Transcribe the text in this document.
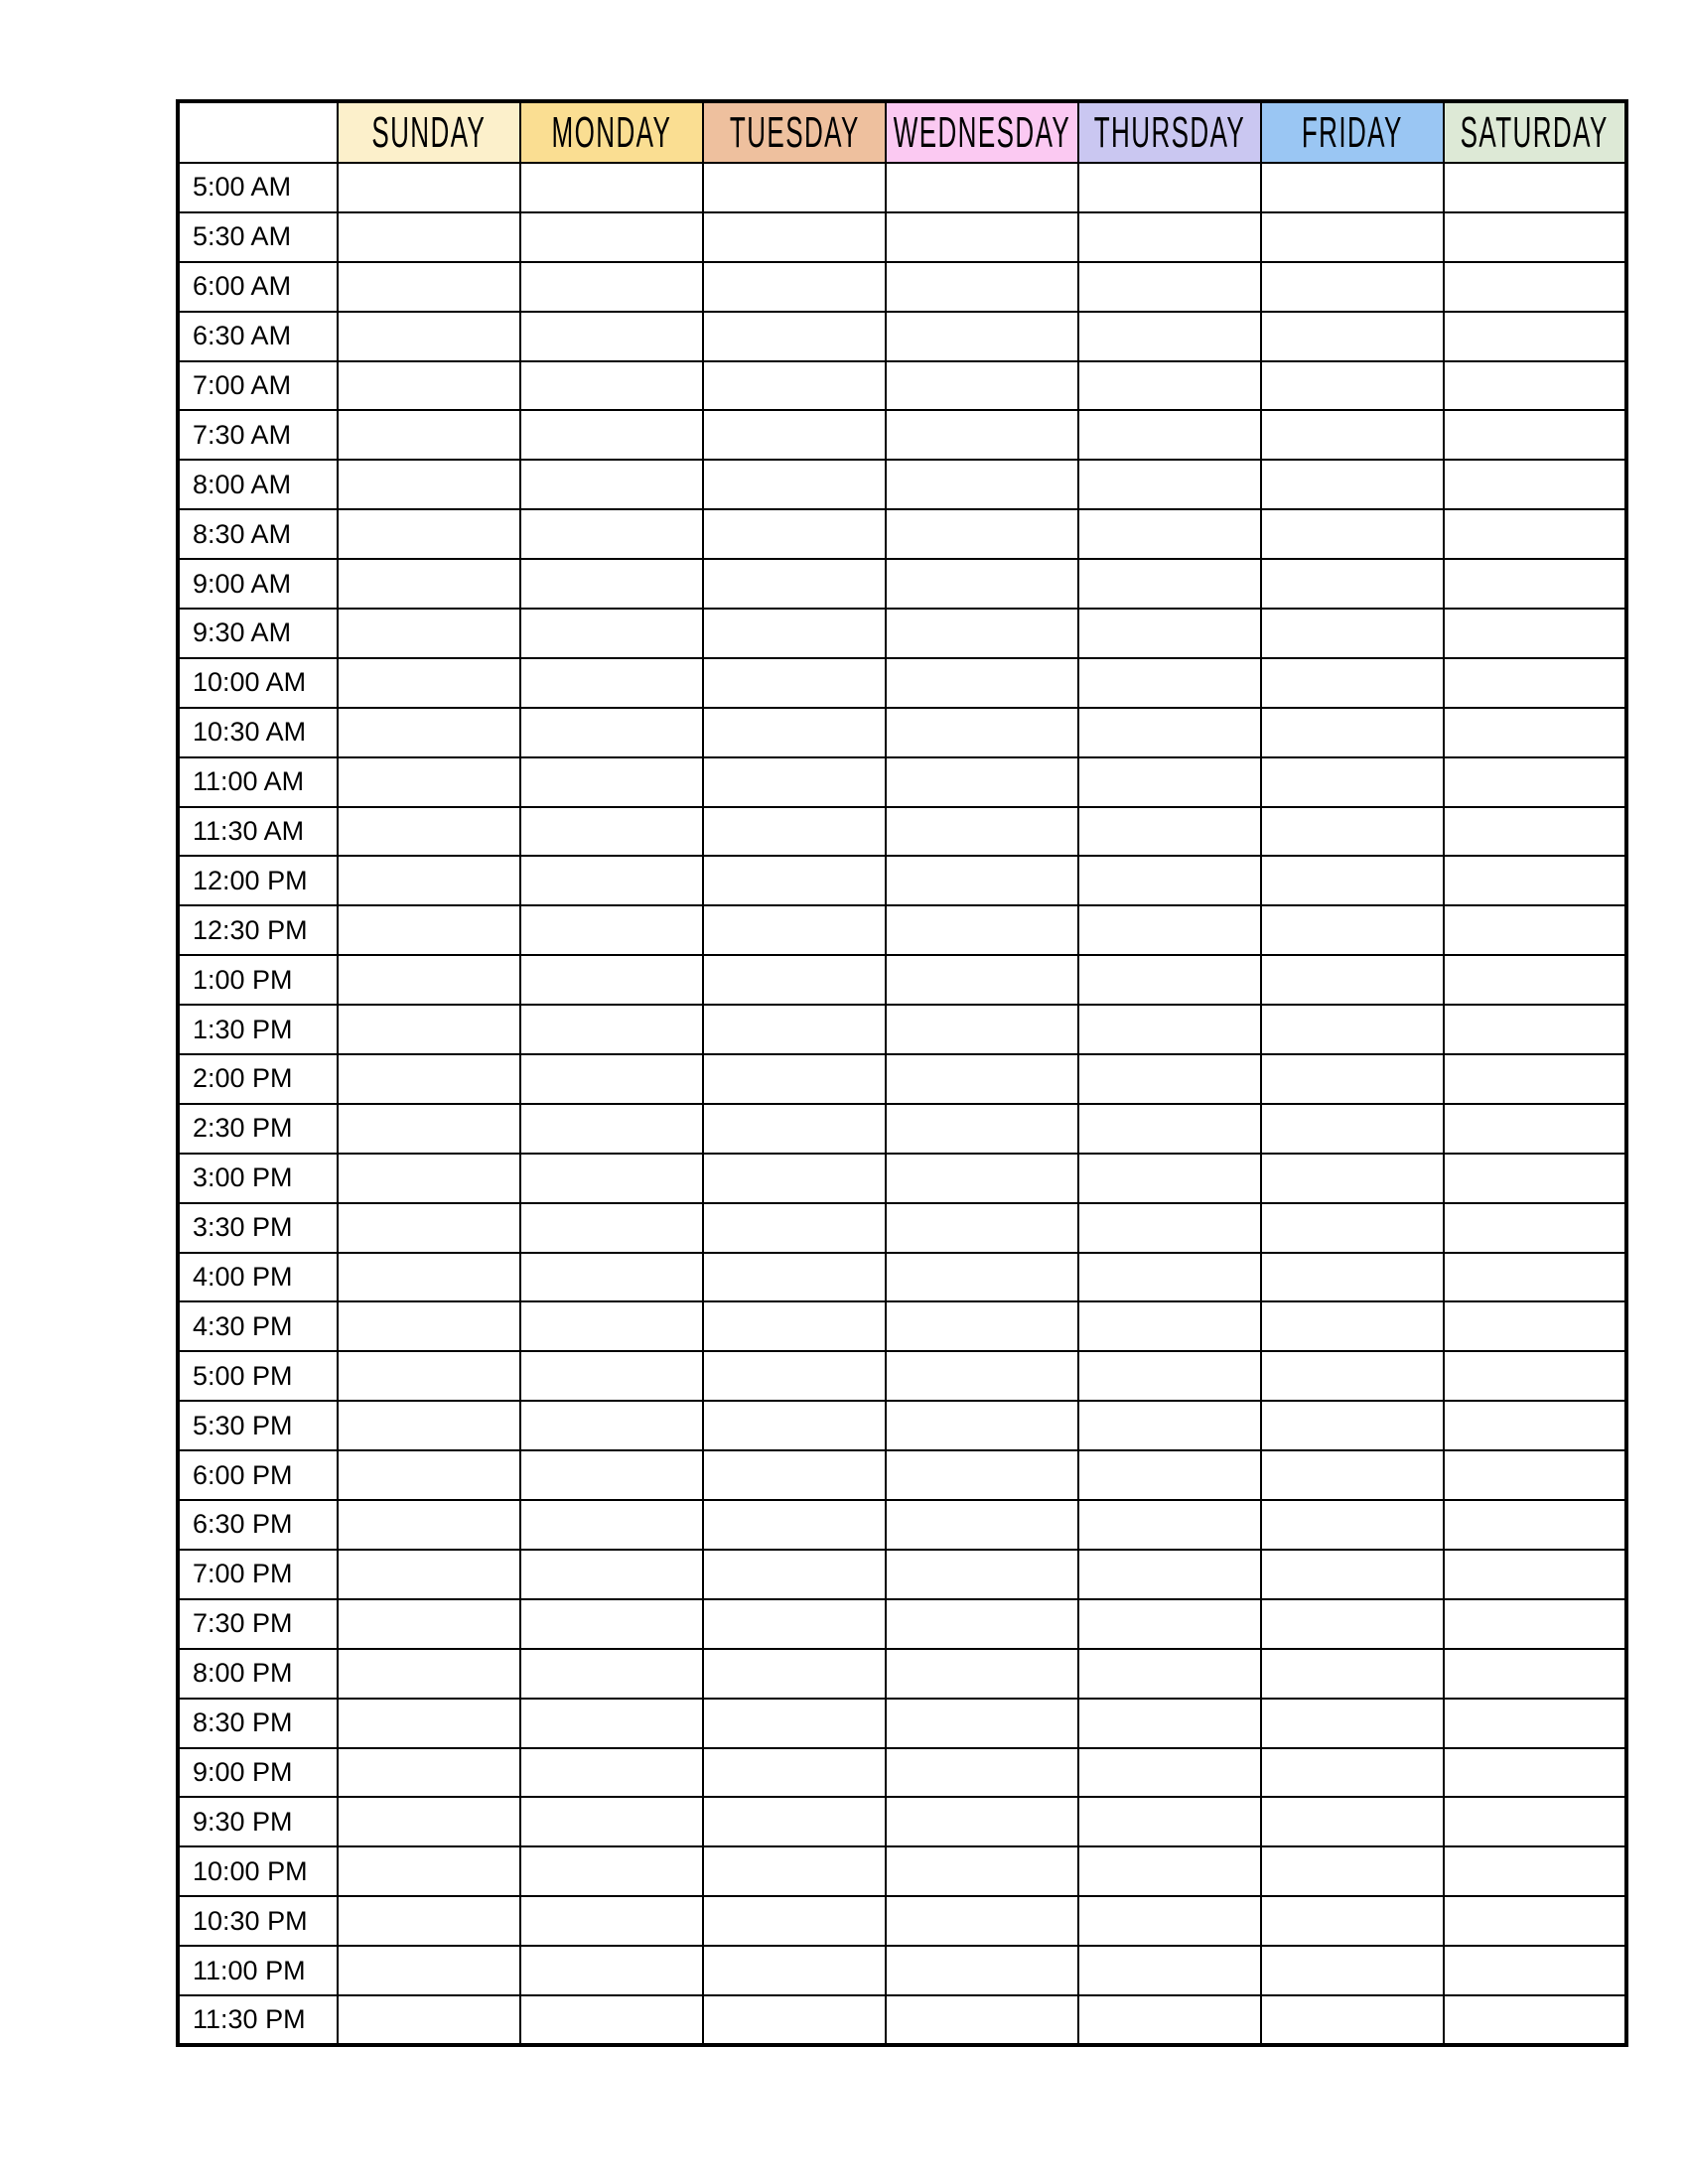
	SUNDAY	MONDAY	TUESDAY	WEDNESDAY	THURSDAY	FRIDAY	SATURDAY
5:00 AM							
5:30 AM							
6:00 AM							
6:30 AM							
7:00 AM							
7:30 AM							
8:00 AM							
8:30 AM							
9:00 AM							
9:30 AM							
10:00 AM							
10:30 AM							
11:00 AM							
11:30 AM							
12:00 PM							
12:30 PM							
1:00 PM							
1:30 PM							
2:00 PM							
2:30 PM							
3:00 PM							
3:30 PM							
4:00 PM							
4:30 PM							
5:00 PM							
5:30 PM							
6:00 PM							
6:30 PM							
7:00 PM							
7:30 PM							
8:00 PM							
8:30 PM							
9:00 PM							
9:30 PM							
10:00 PM							
10:30 PM							
11:00 PM							
11:30 PM							
